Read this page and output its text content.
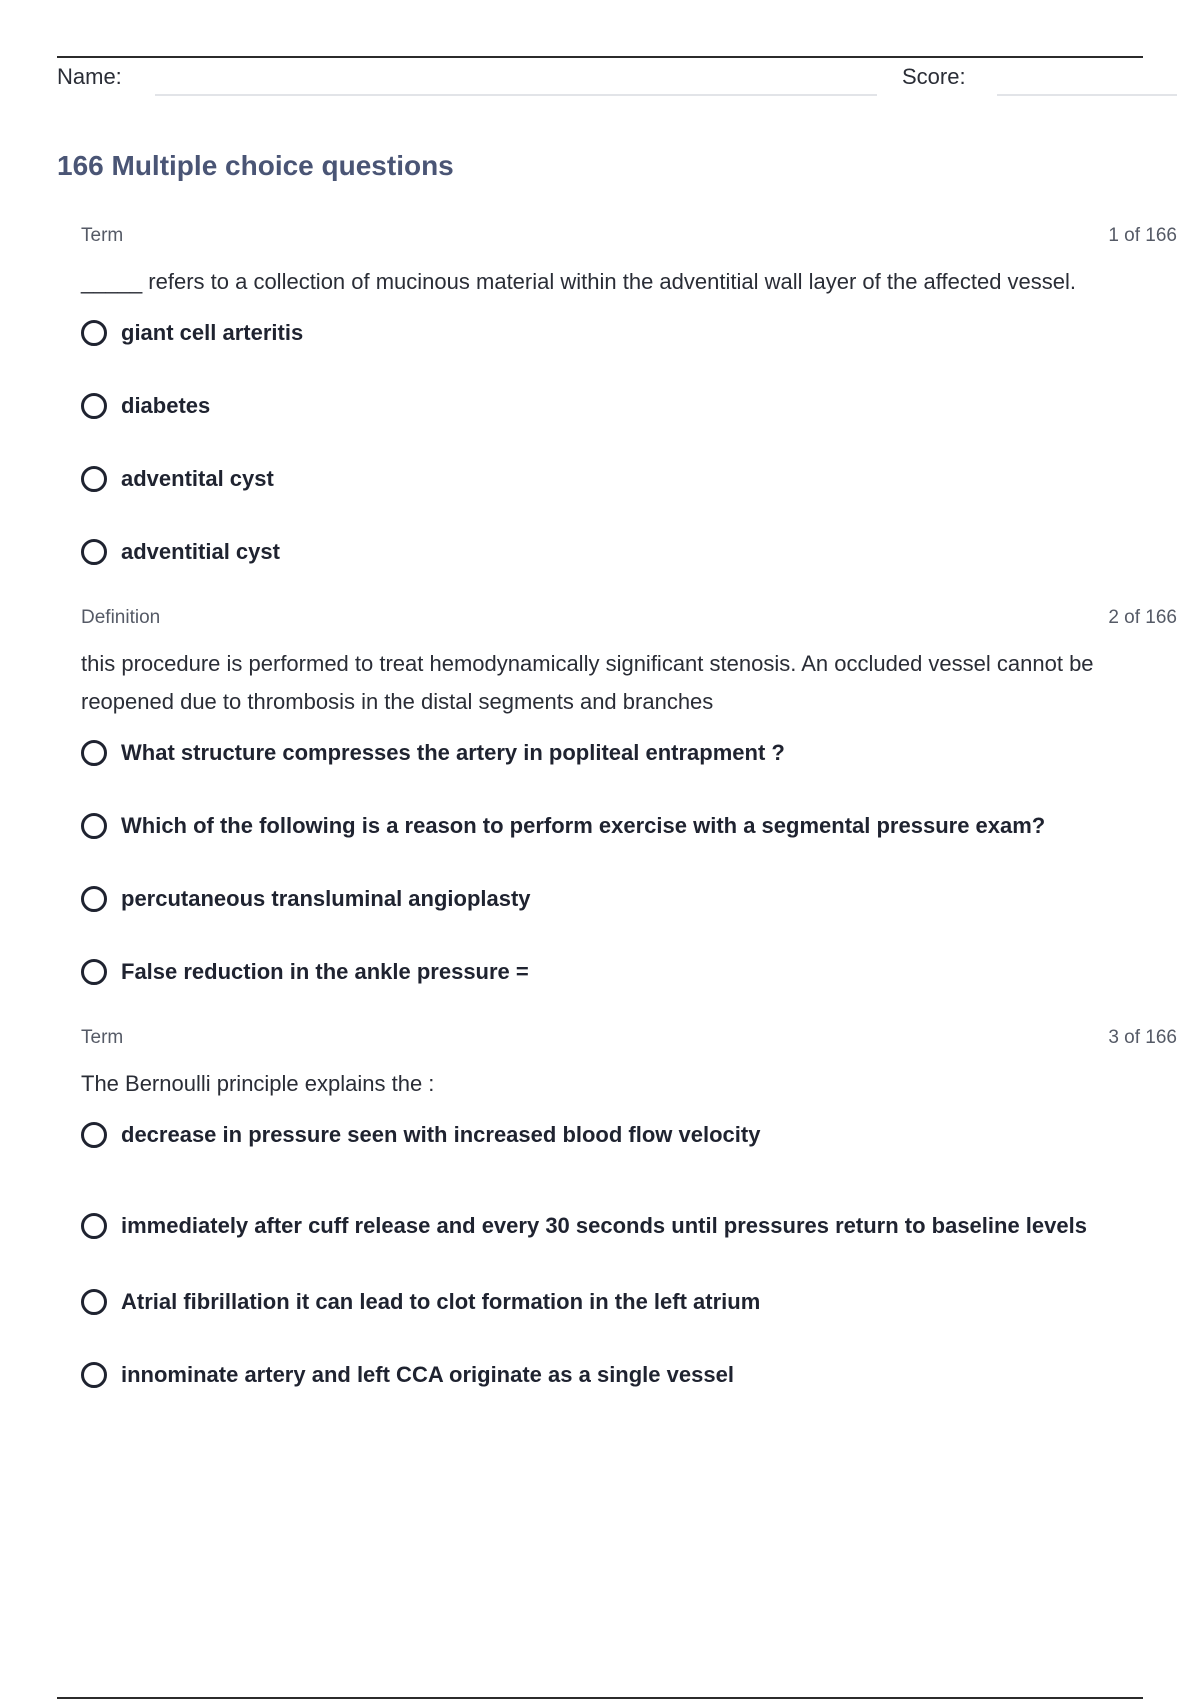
Name:	Score:
166 Multiple choice questions
Term	1 of 166

_____ refers to a collection of mucinous material within the adventitial wall layer of the affected vessel.

giant cell arteritis
diabetes
adventital cyst
adventitial cyst
Definition	2 of 166

this procedure is performed to treat hemodynamically significant stenosis. An occluded vessel cannot be reopened due to thrombosis in the distal segments and branches

What structure compresses the artery in popliteal entrapment ?
Which of the following is a reason to perform exercise with a segmental pressure exam?
percutaneous transluminal angioplasty
False reduction in the ankle pressure =
Term	3 of 166

The Bernoulli principle explains the :

decrease in pressure seen with increased blood flow velocity
immediately after cuff release and every 30 seconds until pressures return to baseline levels
Atrial fibrillation it can lead to clot formation in the left atrium
innominate artery and left CCA originate as a single vessel
